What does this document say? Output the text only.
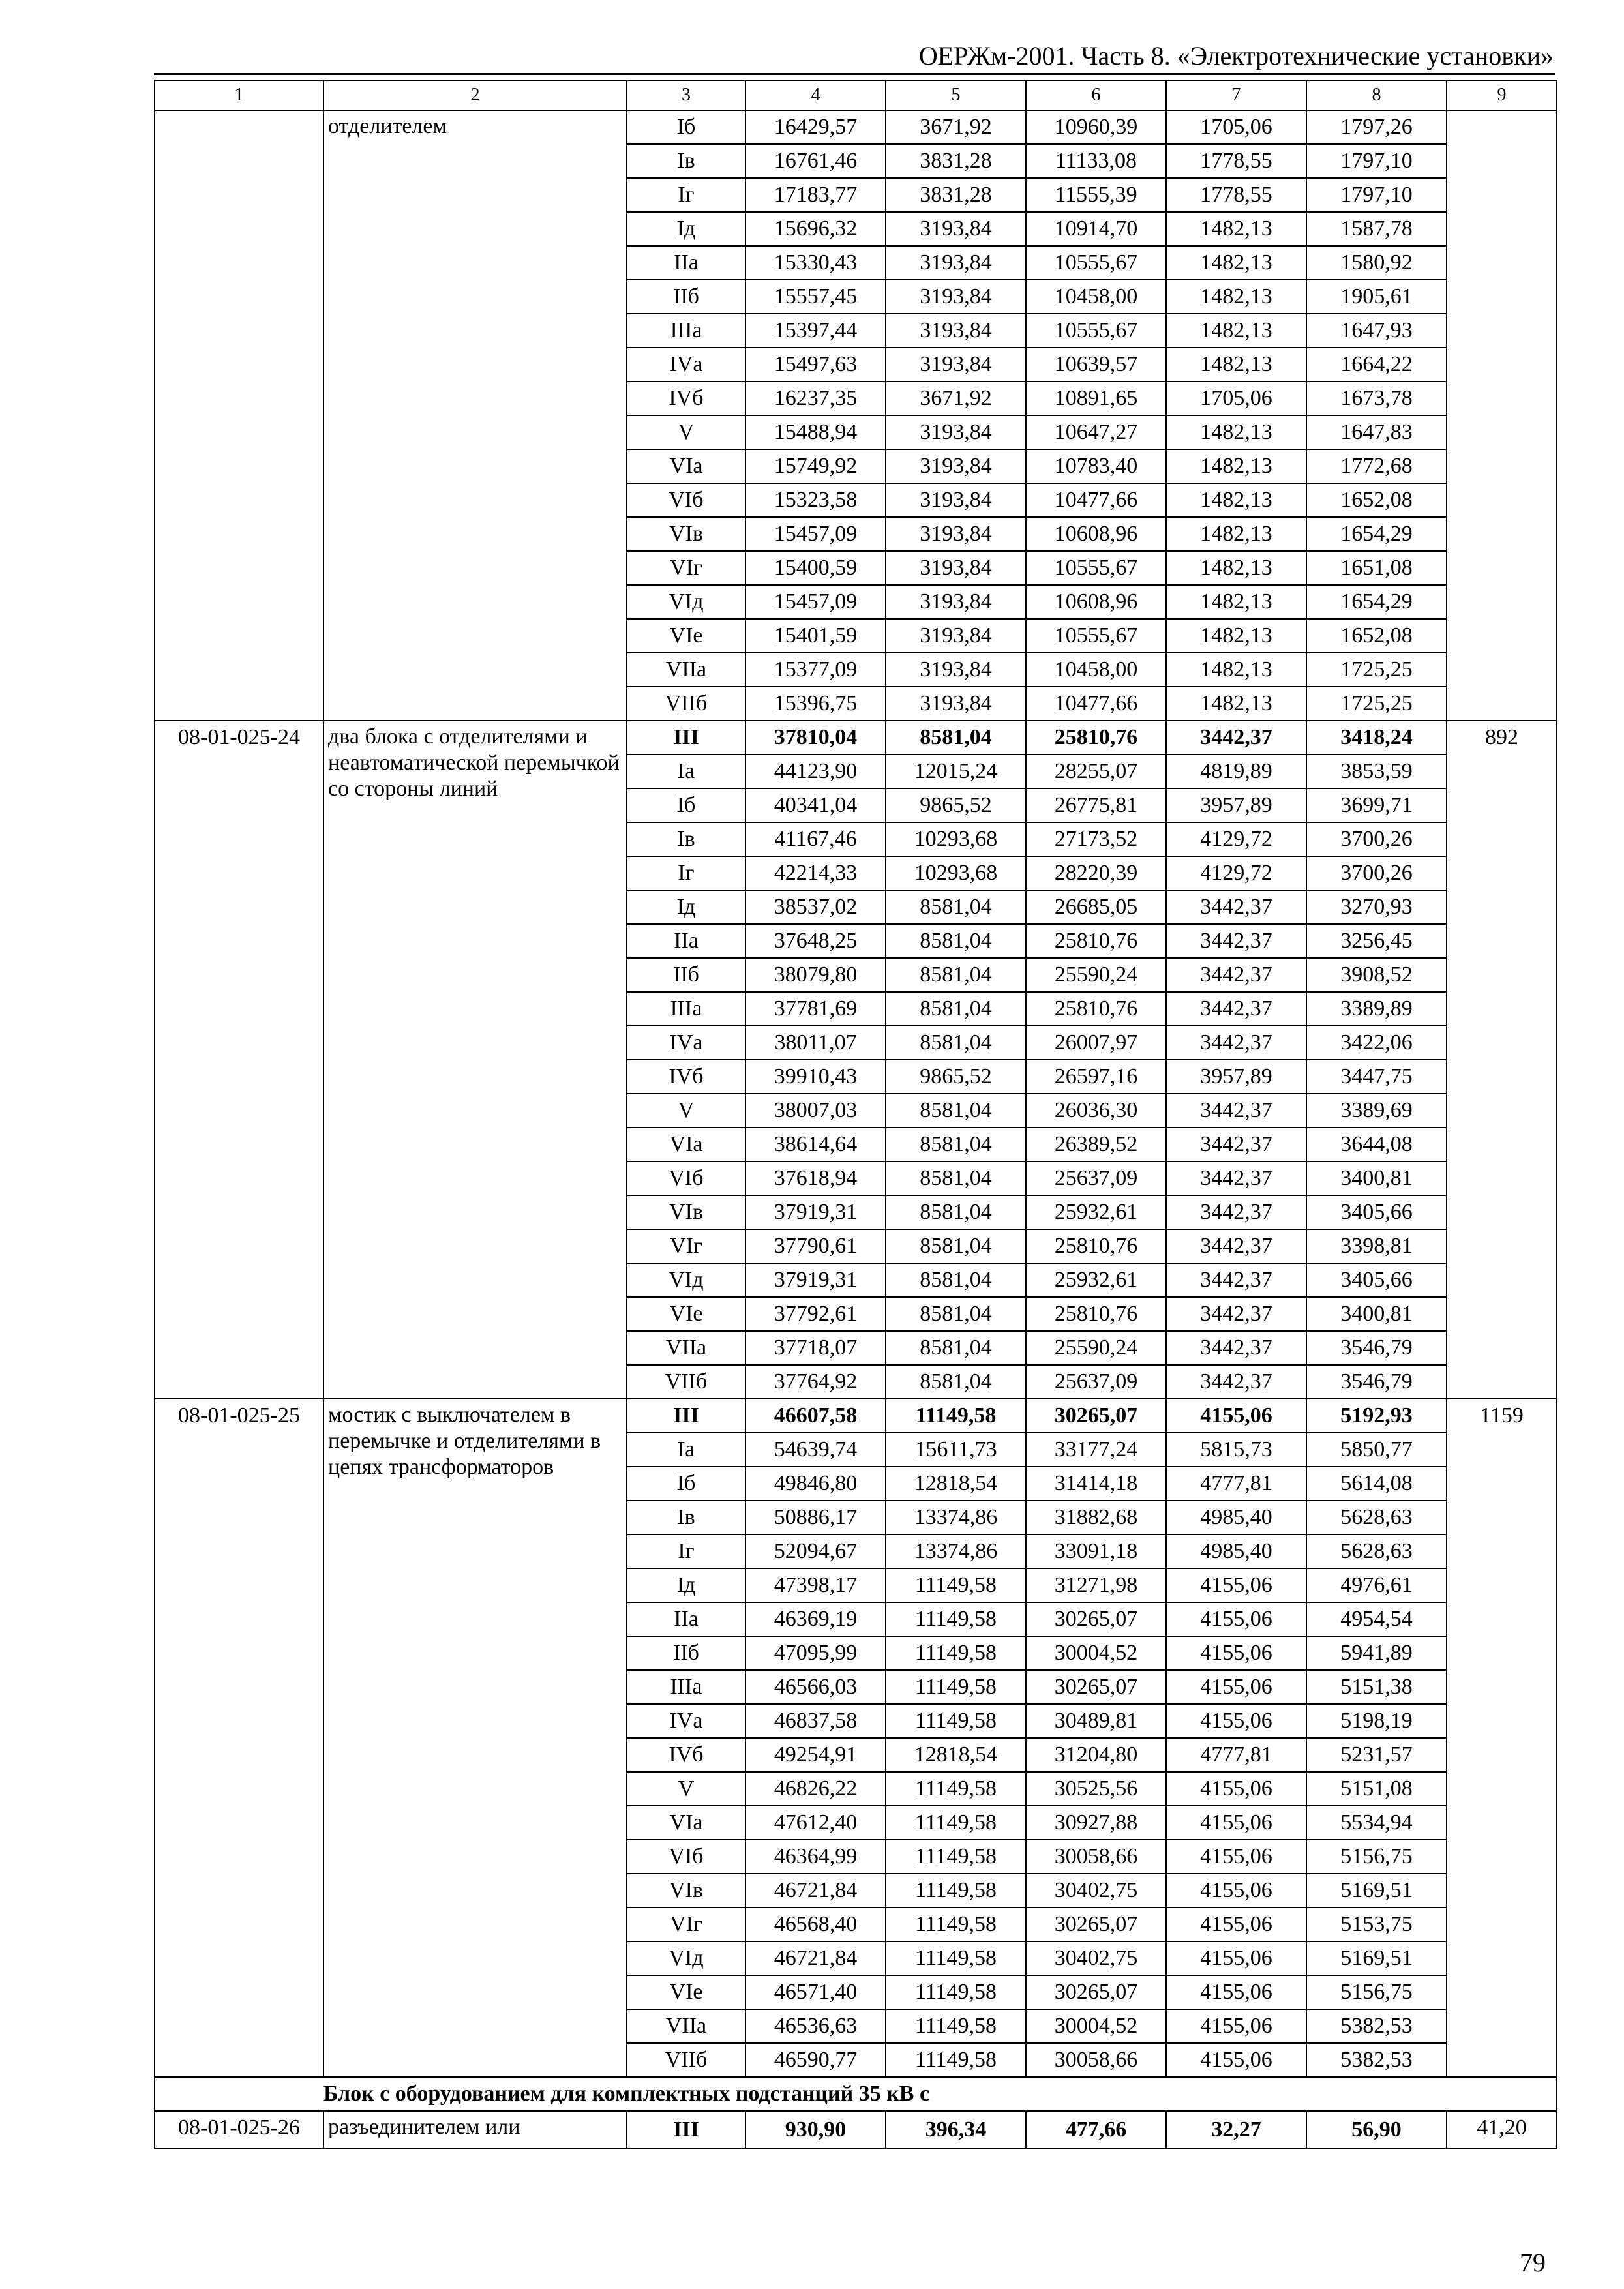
ОЕРЖм-2001. Часть 8. «Электротехнические установки»
1	2	3	4	5	6	7	8	9
	отделителем	Iб	16429,57	3671,92	10960,39	1705,06	1797,26	
		Iв	16761,46	3831,28	11133,08	1778,55	1797,10	
		Iг	17183,77	3831,28	11555,39	1778,55	1797,10	
		Iд	15696,32	3193,84	10914,70	1482,13	1587,78	
		IIа	15330,43	3193,84	10555,67	1482,13	1580,92	
		IIб	15557,45	3193,84	10458,00	1482,13	1905,61	
		IIIа	15397,44	3193,84	10555,67	1482,13	1647,93	
		IVа	15497,63	3193,84	10639,57	1482,13	1664,22	
		IVб	16237,35	3671,92	10891,65	1705,06	1673,78	
		V	15488,94	3193,84	10647,27	1482,13	1647,83	
		VIа	15749,92	3193,84	10783,40	1482,13	1772,68	
		VIб	15323,58	3193,84	10477,66	1482,13	1652,08	
		VIв	15457,09	3193,84	10608,96	1482,13	1654,29	
		VIг	15400,59	3193,84	10555,67	1482,13	1651,08	
		VIд	15457,09	3193,84	10608,96	1482,13	1654,29	
		VIе	15401,59	3193,84	10555,67	1482,13	1652,08	
		VIIа	15377,09	3193,84	10458,00	1482,13	1725,25	
		VIIб	15396,75	3193,84	10477,66	1482,13	1725,25	
08-01-025-24	два блока с отделителями и неавтоматической перемычкой со стороны линий	III	37810,04	8581,04	25810,76	3442,37	3418,24	892
		Iа	44123,90	12015,24	28255,07	4819,89	3853,59	
		Iб	40341,04	9865,52	26775,81	3957,89	3699,71	
		Iв	41167,46	10293,68	27173,52	4129,72	3700,26	
		Iг	42214,33	10293,68	28220,39	4129,72	3700,26	
		Iд	38537,02	8581,04	26685,05	3442,37	3270,93	
		IIа	37648,25	8581,04	25810,76	3442,37	3256,45	
		IIб	38079,80	8581,04	25590,24	3442,37	3908,52	
		IIIа	37781,69	8581,04	25810,76	3442,37	3389,89	
		IVа	38011,07	8581,04	26007,97	3442,37	3422,06	
		IVб	39910,43	9865,52	26597,16	3957,89	3447,75	
		V	38007,03	8581,04	26036,30	3442,37	3389,69	
		VIа	38614,64	8581,04	26389,52	3442,37	3644,08	
		VIб	37618,94	8581,04	25637,09	3442,37	3400,81	
		VIв	37919,31	8581,04	25932,61	3442,37	3405,66	
		VIг	37790,61	8581,04	25810,76	3442,37	3398,81	
		VIд	37919,31	8581,04	25932,61	3442,37	3405,66	
		VIе	37792,61	8581,04	25810,76	3442,37	3400,81	
		VIIа	37718,07	8581,04	25590,24	3442,37	3546,79	
		VIIб	37764,92	8581,04	25637,09	3442,37	3546,79	
08-01-025-25	мостик с выключателем в перемычке и отделителями в цепях трансформаторов	III	46607,58	11149,58	30265,07	4155,06	5192,93	1159
		Iа	54639,74	15611,73	33177,24	5815,73	5850,77	
		Iб	49846,80	12818,54	31414,18	4777,81	5614,08	
		Iв	50886,17	13374,86	31882,68	4985,40	5628,63	
		Iг	52094,67	13374,86	33091,18	4985,40	5628,63	
		Iд	47398,17	11149,58	31271,98	4155,06	4976,61	
		IIа	46369,19	11149,58	30265,07	4155,06	4954,54	
		IIб	47095,99	11149,58	30004,52	4155,06	5941,89	
		IIIа	46566,03	11149,58	30265,07	4155,06	5151,38	
		IVа	46837,58	11149,58	30489,81	4155,06	5198,19	
		IVб	49254,91	12818,54	31204,80	4777,81	5231,57	
		V	46826,22	11149,58	30525,56	4155,06	5151,08	
		VIа	47612,40	11149,58	30927,88	4155,06	5534,94	
		VIб	46364,99	11149,58	30058,66	4155,06	5156,75	
		VIв	46721,84	11149,58	30402,75	4155,06	5169,51	
		VIг	46568,40	11149,58	30265,07	4155,06	5153,75	
		VIд	46721,84	11149,58	30402,75	4155,06	5169,51	
		VIе	46571,40	11149,58	30265,07	4155,06	5156,75	
		VIIа	46536,63	11149,58	30004,52	4155,06	5382,53	
		VIIб	46590,77	11149,58	30058,66	4155,06	5382,53	
Блок с оборудованием для комплектных подстанций 35 кВ с								
08-01-025-26	разъединителем или	III	930,90	396,34	477,66	32,27	56,90	41,20
79
